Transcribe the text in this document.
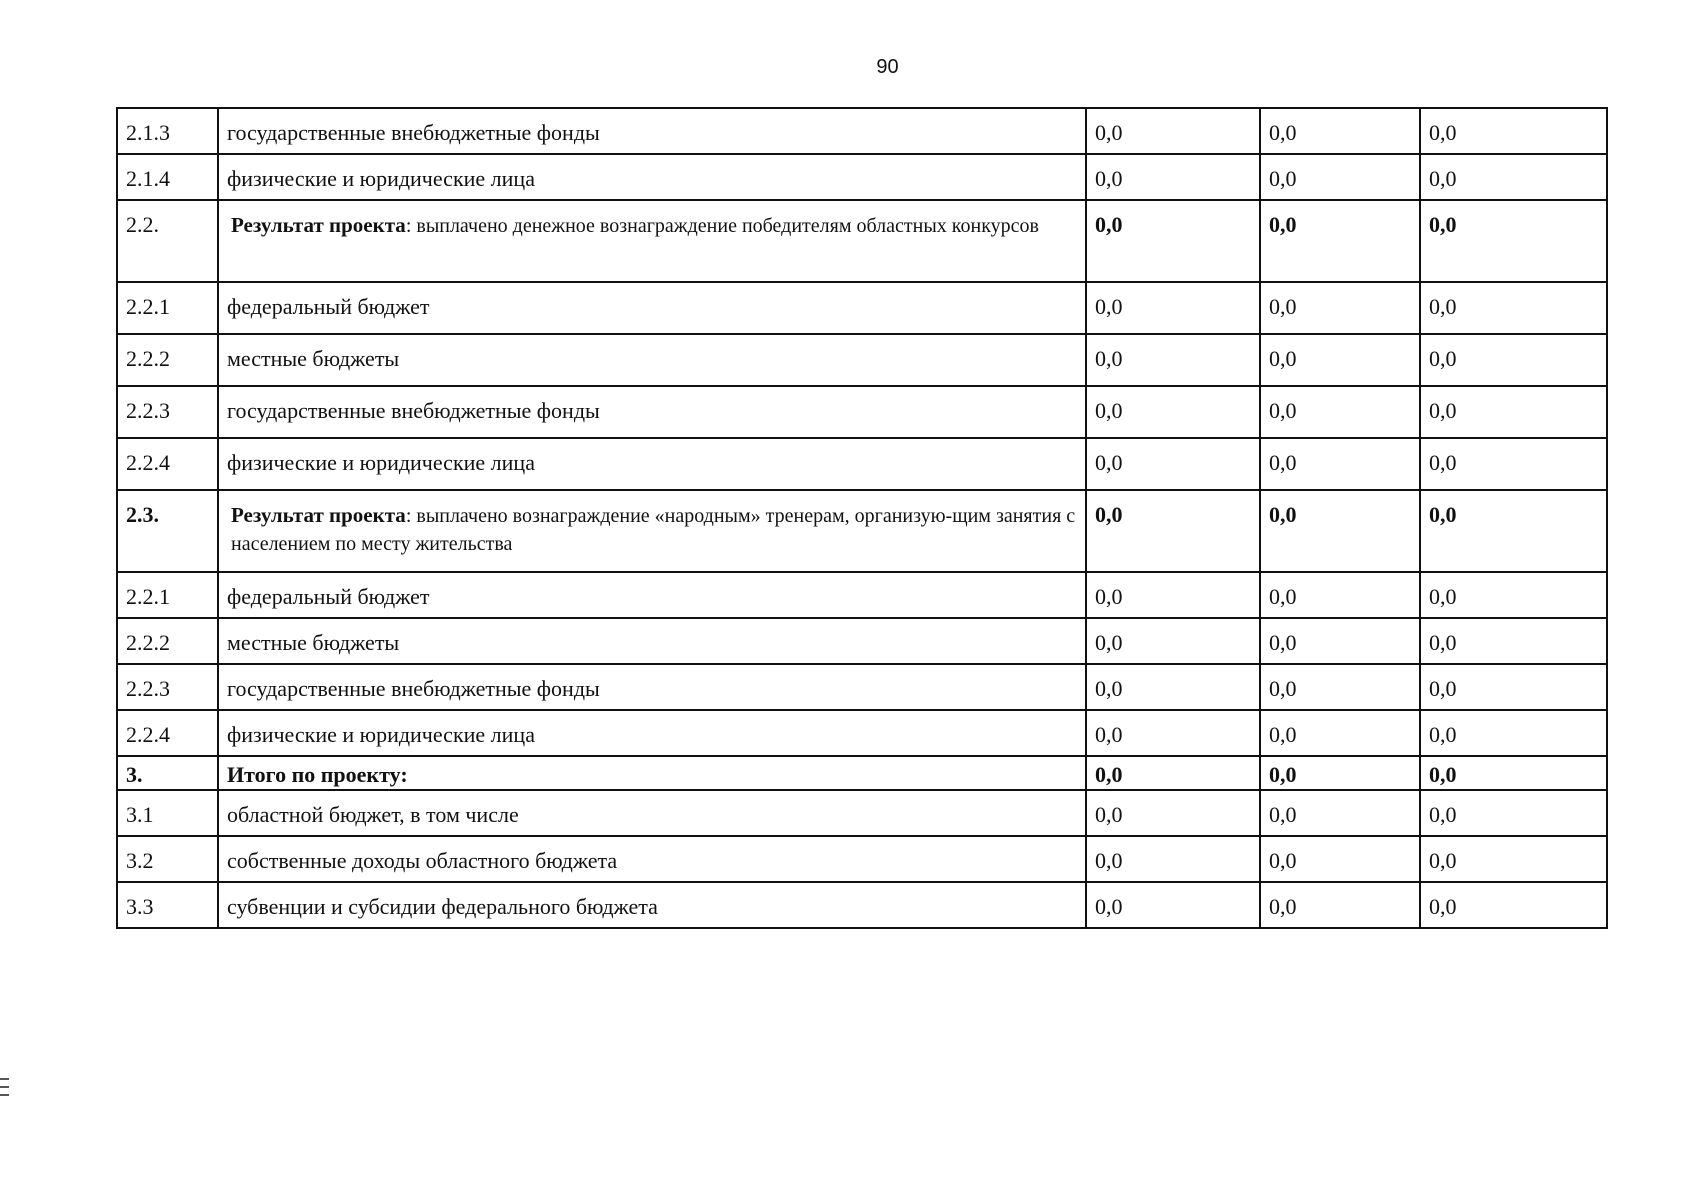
90
2.1.3	государственные внебюджетные фонды	0,0	0,0	0,0
2.1.4	физические и юридические лица	0,0	0,0	0,0
2.2.	Результат проекта: выплачено денежное вознаграждение победителям областных конкурсов	0,0	0,0	0,0
2.2.1	федеральный бюджет	0,0	0,0	0,0
2.2.2	местные бюджеты	0,0	0,0	0,0
2.2.3	государственные внебюджетные фонды	0,0	0,0	0,0
2.2.4	физические и юридические лица	0,0	0,0	0,0
2.3.	Результат проекта: выплачено вознаграждение «народным» тренерам, организую-щим занятия с населением по месту жительства	0,0	0,0	0,0
2.2.1	федеральный бюджет	0,0	0,0	0,0
2.2.2	местные бюджеты	0,0	0,0	0,0
2.2.3	государственные внебюджетные фонды	0,0	0,0	0,0
2.2.4	физические и юридические лица	0,0	0,0	0,0
3.	Итого по проекту:	0,0	0,0	0,0
3.1	областной бюджет, в том числе	0,0	0,0	0,0
3.2	собственные доходы областного бюджета	0,0	0,0	0,0
3.3	субвенции и субсидии федерального бюджета	0,0	0,0	0,0
